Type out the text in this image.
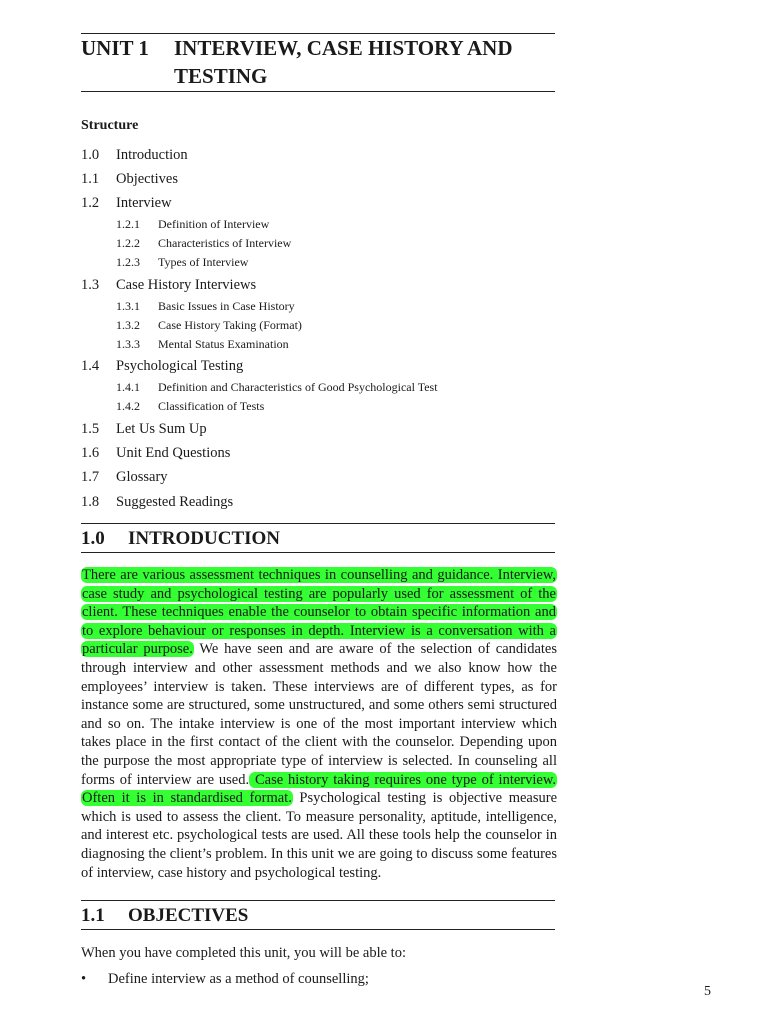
UNIT 1 INTERVIEW, CASE HISTORY AND TESTING
Structure
1.0 Introduction
1.1 Objectives
1.2 Interview
1.2.1 Definition of Interview
1.2.2 Characteristics of Interview
1.2.3 Types of Interview
1.3 Case History Interviews
1.3.1 Basic Issues in Case History
1.3.2 Case History Taking (Format)
1.3.3 Mental Status Examination
1.4 Psychological Testing
1.4.1 Definition and Characteristics of Good Psychological Test
1.4.2 Classification of Tests
1.5 Let Us Sum Up
1.6 Unit End Questions
1.7 Glossary
1.8 Suggested Readings
1.0 INTRODUCTION

There are various assessment techniques in counselling and guidance. Interview, case study and psychological testing are popularly used for assessment of the client. These techniques enable the counselor to obtain specific information and to explore behaviour or responses in depth. Interview is a conversation with a particular purpose. We have seen and are aware of the selection of candidates through interview and other assessment methods and we also know how the employees’ interview is taken. These interviews are of different types, as for instance some are structured, some unstructured, and some others semi structured and so on. The intake interview is one of the most important interview which takes place in the first contact of the client with the counselor. Depending upon the purpose the most appropriate type of interview is selected. In counseling all forms of interview are used. Case history taking requires one type of interview. Often it is in standardised format. Psychological testing is objective measure which is used to assess the client. To measure personality, aptitude, intelligence, and interest etc. psychological tests are used. All these tools help the counselor in diagnosing the client’s problem. In this unit we are going to discuss some features of interview, case history and psychological testing.

1.1 OBJECTIVES
When you have completed this unit, you will be able to:
• Define interview as a method of counselling;
5
